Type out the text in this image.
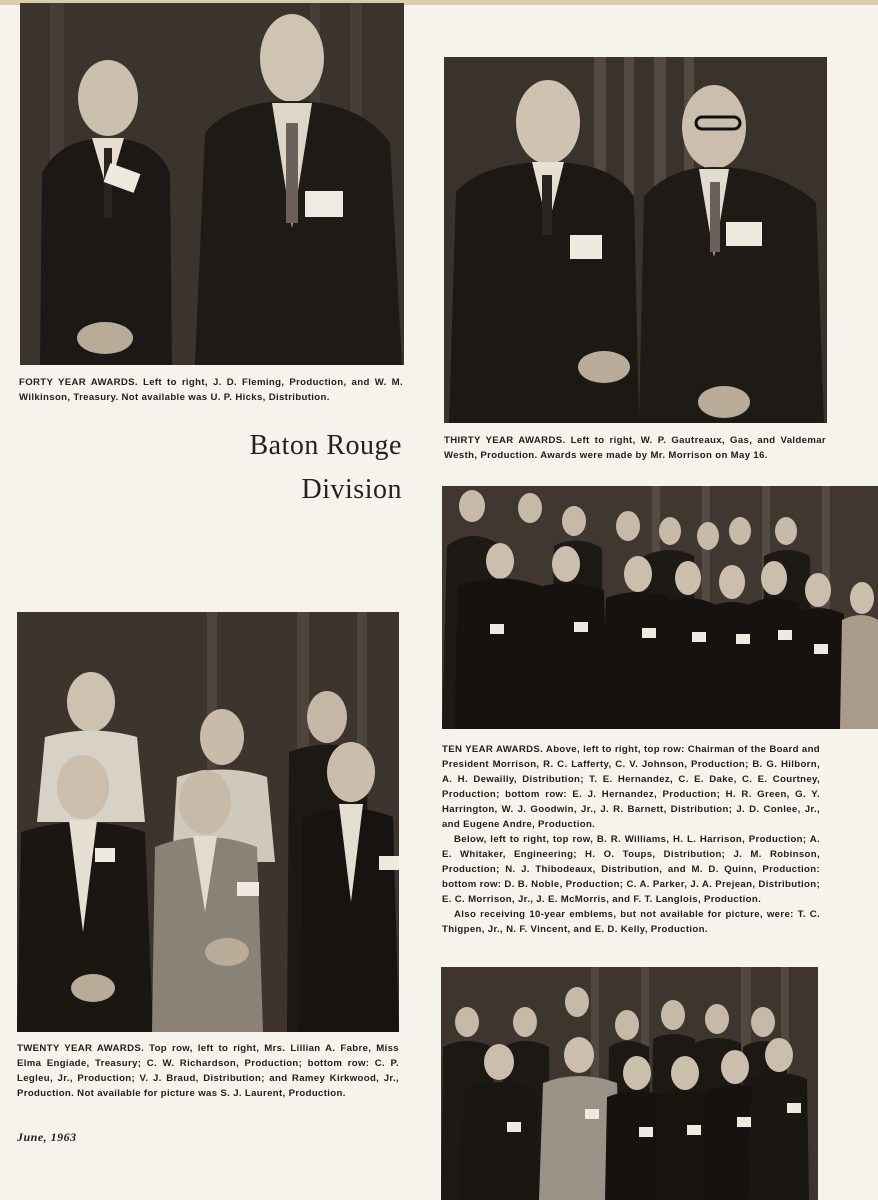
FORTY YEAR AWARDS. Left to right, J. D. Fleming, Production, and W. M. Wilkinson, Treasury. Not available was U. P. Hicks, Distribution.
Baton Rouge
Division
THIRTY YEAR AWARDS. Left to right, W. P. Gautreaux, Gas, and Valdemar Westh, Production. Awards were made by Mr. Morrison on May 16.

TEN YEAR AWARDS. Above, left to right, top row: Chairman of the Board and President Morrison, R. C. Lafferty, C. V. Johnson, Production; B. G. Hilborn, A. H. Dewailly, Distribution; T. E. Hernandez, C. E. Dake, C. E. Courtney, Production; bottom row: E. J. Hernandez, Production; H. R. Green, G. Y. Harrington, W. J. Goodwin, Jr., J. R. Barnett, Distribution; J. D. Conlee, Jr., and Eugene Andre, Production.

Below, left to right, top row, B. R. Williams, H. L. Harrison, Production; A. E. Whitaker, Engineering; H. O. Toups, Distribution; J. M. Robinson, Production; N. J. Thibodeaux, Distribution, and M. D. Quinn, Production: bottom row: D. B. Noble, Production; C. A. Parker, J. A. Prejean, Distribution; E. C. Morrison, Jr., J. E. McMorris, and F. T. Langlois, Production.

Also receiving 10-year emblems, but not available for picture, were: T. C. Thigpen, Jr., N. F. Vincent, and E. D. Kelly, Production.

TWENTY YEAR AWARDS. Top row, left to right, Mrs. Lillian A. Fabre, Miss Elma Engiade, Treasury; C. W. Richardson, Production; bottom row: C. P. Legleu, Jr., Production; V. J. Braud, Distribution; and Ramey Kirkwood, Jr., Production. Not available for picture was S. J. Laurent, Production.
June, 1963
